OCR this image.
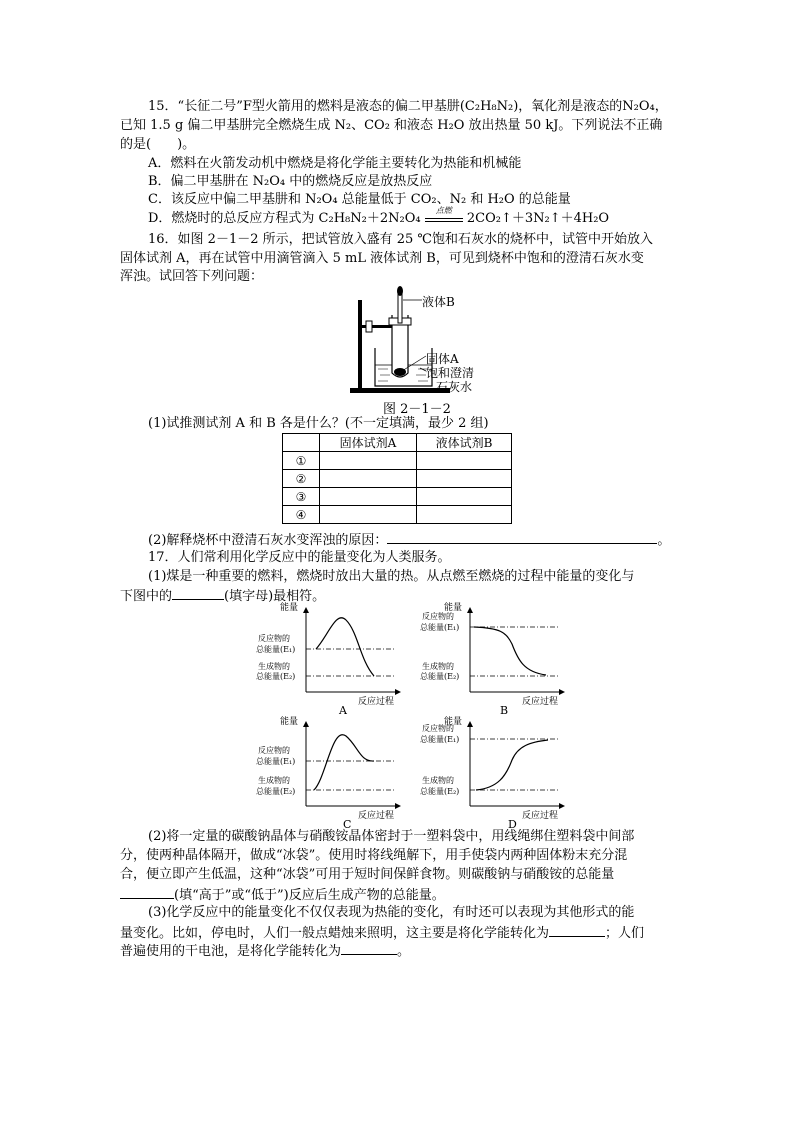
15．“长征二号”F型火箭用的燃料是液态的偏二甲基肼(C₂H₈N₂)，氧化剂是液态的N₂O₄，
已知 1.5 g 偏二甲基肼完全燃烧生成 N₂、CO₂ 和液态 H₂O 放出热量 50 kJ。下列说法不正确
的是(　　)。
A．燃料在火箭发动机中燃烧是将化学能主要转化为热能和机械能
B．偏二甲基肼在 N₂O₄ 中的燃烧反应是放热反应
C．该反应中偏二甲基肼和 N₂O₄ 总能量低于 CO₂、N₂ 和 H₂O 的总能量
D．燃烧时的总反应方程式为 C₂H₈N₂＋2N₂O₄
点燃
2CO₂↑＋3N₂↑＋4H₂O
16．如图 2－1－2 所示，把试管放入盛有 25 ℃饱和石灰水的烧杯中，试管中开始放入
固体试剂 A，再在试管中用滴管滴入 5 mL 液体试剂 B，可见到烧杯中饱和的澄清石灰水变
浑浊。试回答下列问题：
液体B
固体A
饱和澄清
石灰水
图 2－1－2
(1)试推测试剂 A 和 B 各是什么？(不一定填满，最少 2 组)
	固体试剂A	液体试剂B
①		
②		
③		
④		
(2)解释烧杯中澄清石灰水变浑浊的原因：	。
17．人们常利用化学反应中的能量变化为人类服务。
(1)煤是一种重要的燃料，燃烧时放出大量的热。从点燃至燃烧的过程中能量的变化与
下图中的	(填字母)最相符。
能量
反应物的
总能量(E₁)
生成物的
总能量(E₂)
反应过程
A
能量
反应物的
总能量(E₁)
生成物的
总能量(E₂)
反应过程
B
能量
反应物的
总能量(E₁)
生成物的
总能量(E₂)
反应过程
C
能量
反应物的
总能量(E₁)
生成物的
总能量(E₂)
反应过程
D
(2)将一定量的碳酸钠晶体与硝酸铵晶体密封于一塑料袋中，用线绳绑住塑料袋中间部
分，使两种晶体隔开，做成“冰袋”。使用时将线绳解下，用手使袋内两种固体粉末充分混
合，便立即产生低温，这种“冰袋”可用于短时间保鲜食物。则碳酸钠与硝酸铵的总能量
(填“高于”或“低于”)反应后生成产物的总能量。
(3)化学反应中的能量变化不仅仅表现为热能的变化，有时还可以表现为其他形式的能
量变化。比如，停电时，人们一般点蜡烛来照明，这主要是将化学能转化为	；人们
普遍使用的干电池，是将化学能转化为	。
